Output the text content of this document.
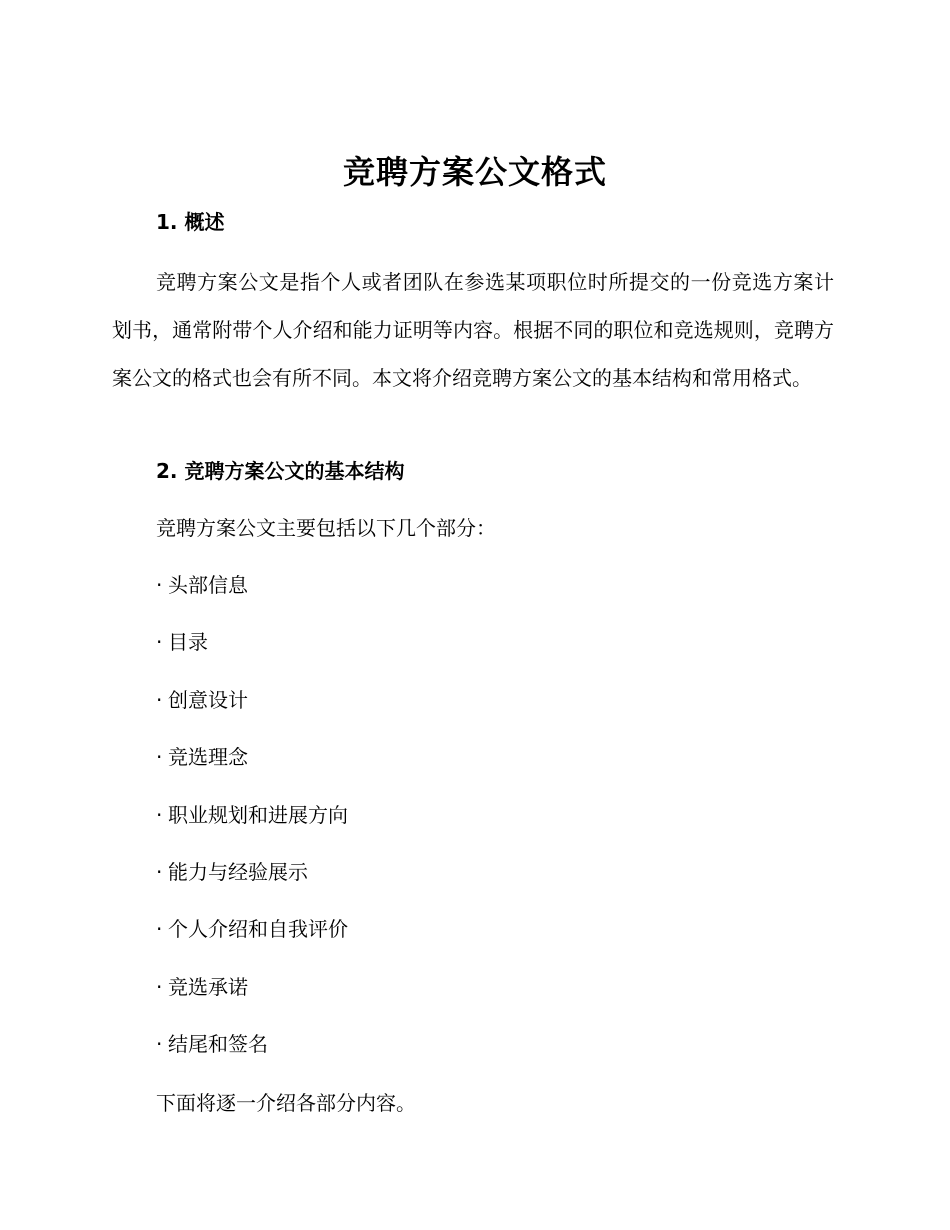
竞聘方案公文格式
1. 概述

竞聘方案公文是指个人或者团队在参选某项职位时所提交的一份竞选方案计划书，通常附带个人介绍和能力证明等内容。根据不同的职位和竞选规则，竞聘方案公文的格式也会有所不同。本文将介绍竞聘方案公文的基本结构和常用格式。

2. 竞聘方案公文的基本结构

竞聘方案公文主要包括以下几个部分：

· 头部信息
· 目录
· 创意设计
· 竞选理念
· 职业规划和进展方向
· 能力与经验展示
· 个人介绍和自我评价
· 竞选承诺
· 结尾和签名

下面将逐一介绍各部分内容。
